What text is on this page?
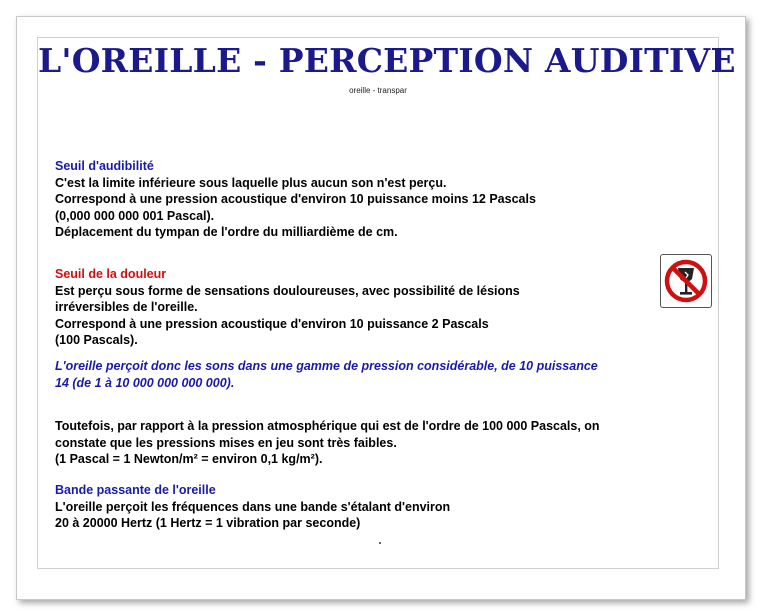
L'OREILLE - PERCEPTION AUDITIVE
oreille - transpar
Seuil d'audibilité
C'est la limite inférieure sous laquelle plus aucun son n'est perçu.
Correspond à une pression acoustique d'environ 10 puissance moins 12 Pascals
(0,000 000 000 001 Pascal).
Déplacement du tympan de l'ordre du milliardième de cm.
Seuil de la douleur
Est perçu sous forme de sensations douloureuses, avec possibilité de lésions
irréversibles de l'oreille.
Correspond à une pression acoustique d'environ 10 puissance 2 Pascals
(100 Pascals).
L'oreille perçoit donc les sons dans une gamme de pression considérable, de 10 puissance
14 (de 1 à 10 000 000 000 000).
Toutefois, par rapport à la pression atmosphérique qui est de l'ordre de 100 000 Pascals, on
constate que les pressions mises en jeu sont très faibles.
(1 Pascal = 1 Newton/m² = environ 0,1 kg/m²).
Bande passante de l'oreille
L'oreille perçoit les fréquences dans une bande s'étalant d'environ
20 à 20000 Hertz (1 Hertz = 1 vibration par seconde)
